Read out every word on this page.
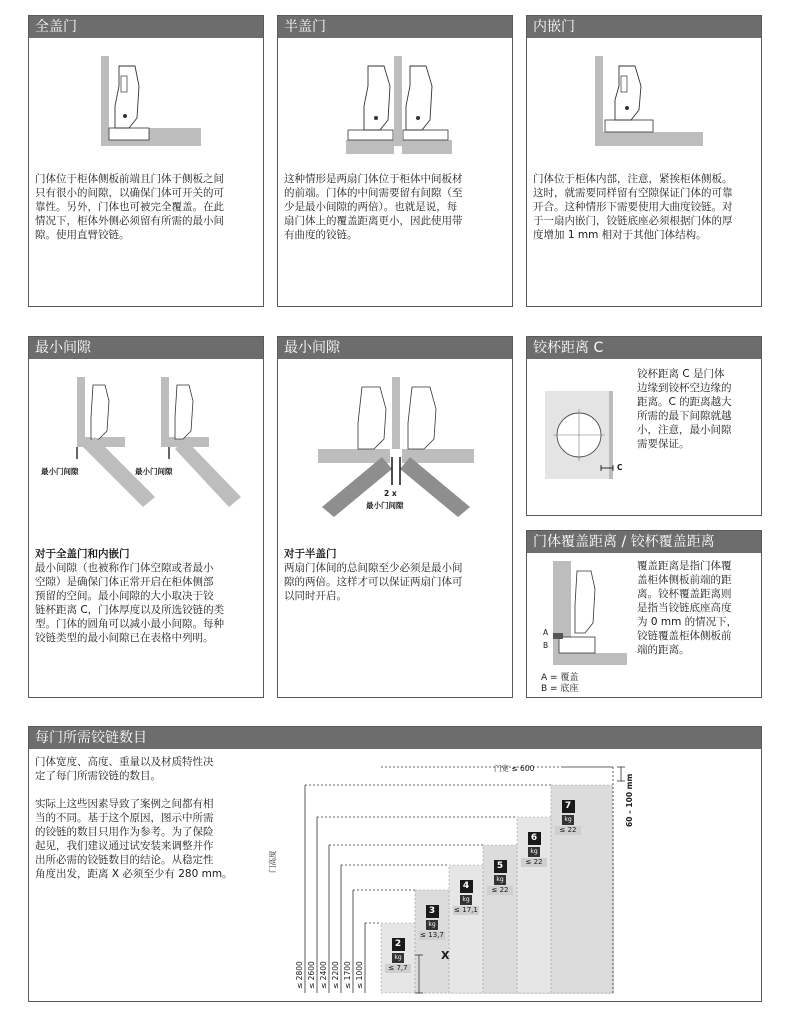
全盖门
门体位于柜体侧板前端且门体于侧板之间
只有很小的间隙，以确保门体可开关的可
靠性。另外，门体也可被完全覆盖。在此
情况下，柜体外侧必须留有所需的最小间
隙。使用直臂铰链。
半盖门
这种情形是两扇门体位于柜体中间板材
的前端。门体的中间需要留有间隙（至
少是最小间隙的两倍）。也就是说，每
扇门体上的覆盖距离更小，因此使用带
有曲度的铰链。
内嵌门
门体位于柜体内部，注意，紧挨柜体侧板。
这时，就需要同样留有空隙保证门体的可靠
开合。这种情形下需要使用大曲度铰链。对
于一扇内嵌门，铰链底座必须根据门体的厚
度增加 1 mm 相对于其他门体结构。
最小间隙
最小门间隙	最小门间隙
对于全盖门和内嵌门
最小间隙（也被称作门体空隙或者最小
空隙）是确保门体正常开启在柜体侧部
预留的空间。最小间隙的大小取决于铰
链杯距离 C，门体厚度以及所选铰链的类
型。门体的圆角可以减小最小间隙。每种
铰链类型的最小间隙已在表格中列明。
最小间隙
2 x
最小门间隙
对于半盖门
两扇门体间的总间隙至少必须是最小间
隙的两倍。这样才可以保证两扇门体可
以同时开启。
铰杯距离 C
C
铰杯距离 C 是门体
边缘到铰杯空边缘的
距离。C 的距离越大
所需的最下间隙就越
小，注意，最小间隙
需要保证。
门体覆盖距离 / 铰杯覆盖距离
A
B
A = 覆盖
B = 底座
覆盖距离是指门体覆
盖柜体侧板前端的距
离。铰杯覆盖距离则
是指当铰链底座高度
为 0 mm 的情况下，
铰链覆盖柜体侧板前
端的距离。
每门所需铰链数目
门体宽度、高度、重量以及材质特性决
定了每门所需铰链的数目。
实际上这些因素导致了案例之间都有相
当的不同。基于这个原因，图示中所需
的铰链的数目只用作为参考。为了保险
起见，我们建议通过试安装来调整并作
出所必需的铰链数目的结论。从稳定性
角度出发，距离 X 必须至少有 280 mm。
门宽 ≤ 600
门高度
60 – 100 mm
X
≤ 1000
2
kg
≤ 7,7
≤ 1700
3
kg
≤ 13,7
≤ 2200
4
kg
≤ 17,1
≤ 2400
5
kg
≤ 22
≤ 2600
6
kg
≤ 22
≤ 2800
7
kg
≤ 22
